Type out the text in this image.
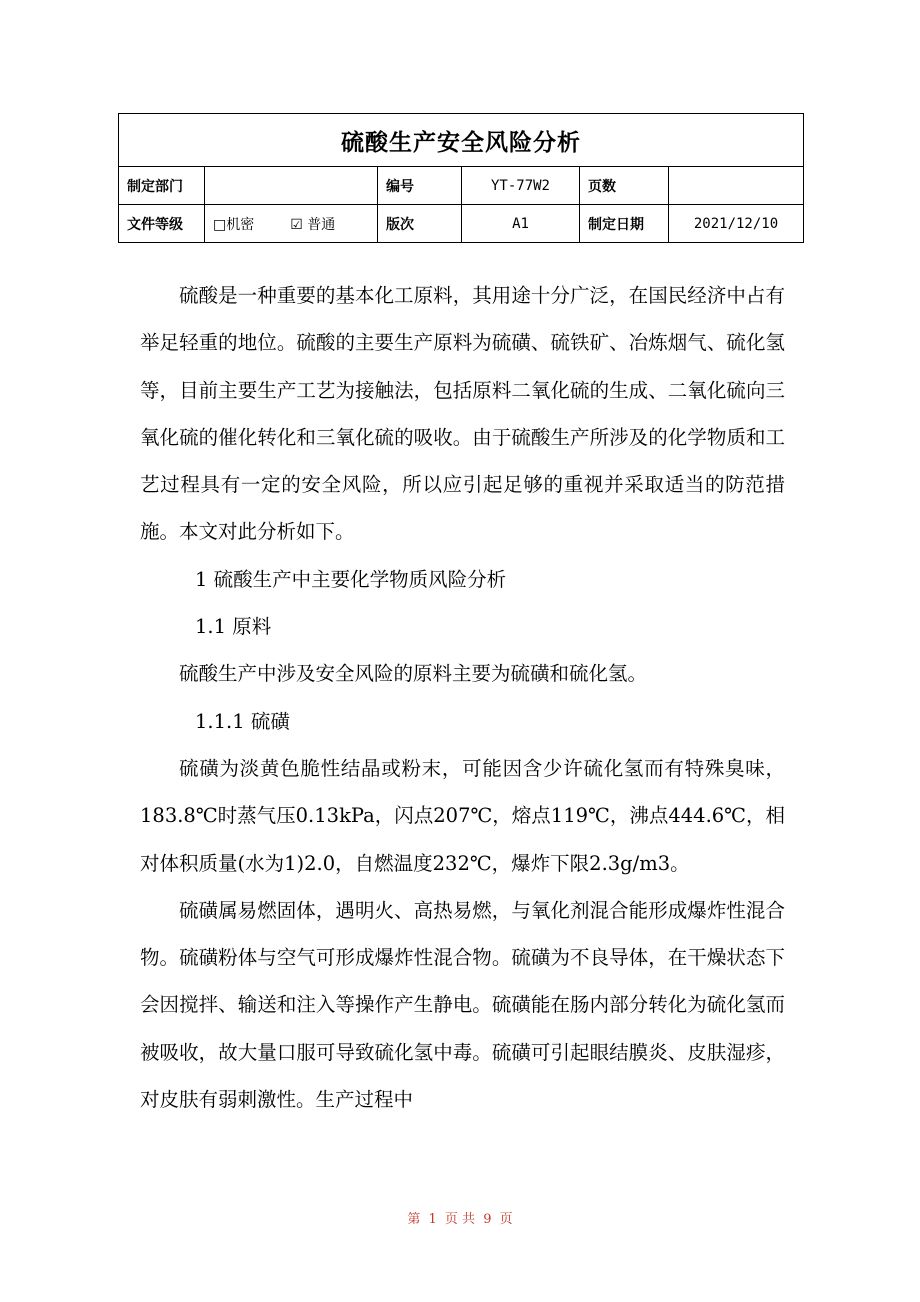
硫酸生产安全风险分析					
制定部门		编号	YT-77W2	页数	
文件等级	□机密 ☑ 普通	版次	A1	制定日期	2021/12/10

硫酸是一种重要的基本化工原料，其用途十分广泛，在国民经济中占有举足轻重的地位。硫酸的主要生产原料为硫磺、硫铁矿、冶炼烟气、硫化氢等，目前主要生产工艺为接触法，包括原料二氧化硫的生成、二氧化硫向三氧化硫的催化转化和三氧化硫的吸收。由于硫酸生产所涉及的化学物质和工艺过程具有一定的安全风险，所以应引起足够的重视并采取适当的防范措施。本文对此分析如下。

1 硫酸生产中主要化学物质风险分析

1.1 原料

硫酸生产中涉及安全风险的原料主要为硫磺和硫化氢。

1.1.1 硫磺

硫磺为淡黄色脆性结晶或粉末，可能因含少许硫化氢而有特殊臭味，183.8℃时蒸气压0.13kPa，闪点207℃，熔点119℃，沸点444.6℃，相对体积质量(水为1)2.0，自燃温度232℃，爆炸下限2.3g/m3。

硫磺属易燃固体，遇明火、高热易燃，与氧化剂混合能形成爆炸性混合物。硫磺粉体与空气可形成爆炸性混合物。硫磺为不良导体，在干燥状态下会因搅拌、输送和注入等操作产生静电。硫磺能在肠内部分转化为硫化氢而被吸收，故大量口服可导致硫化氢中毒。硫磺可引起眼结膜炎、皮肤湿疹，对皮肤有弱刺激性。生产过程中

第 1 页 共 9 页
